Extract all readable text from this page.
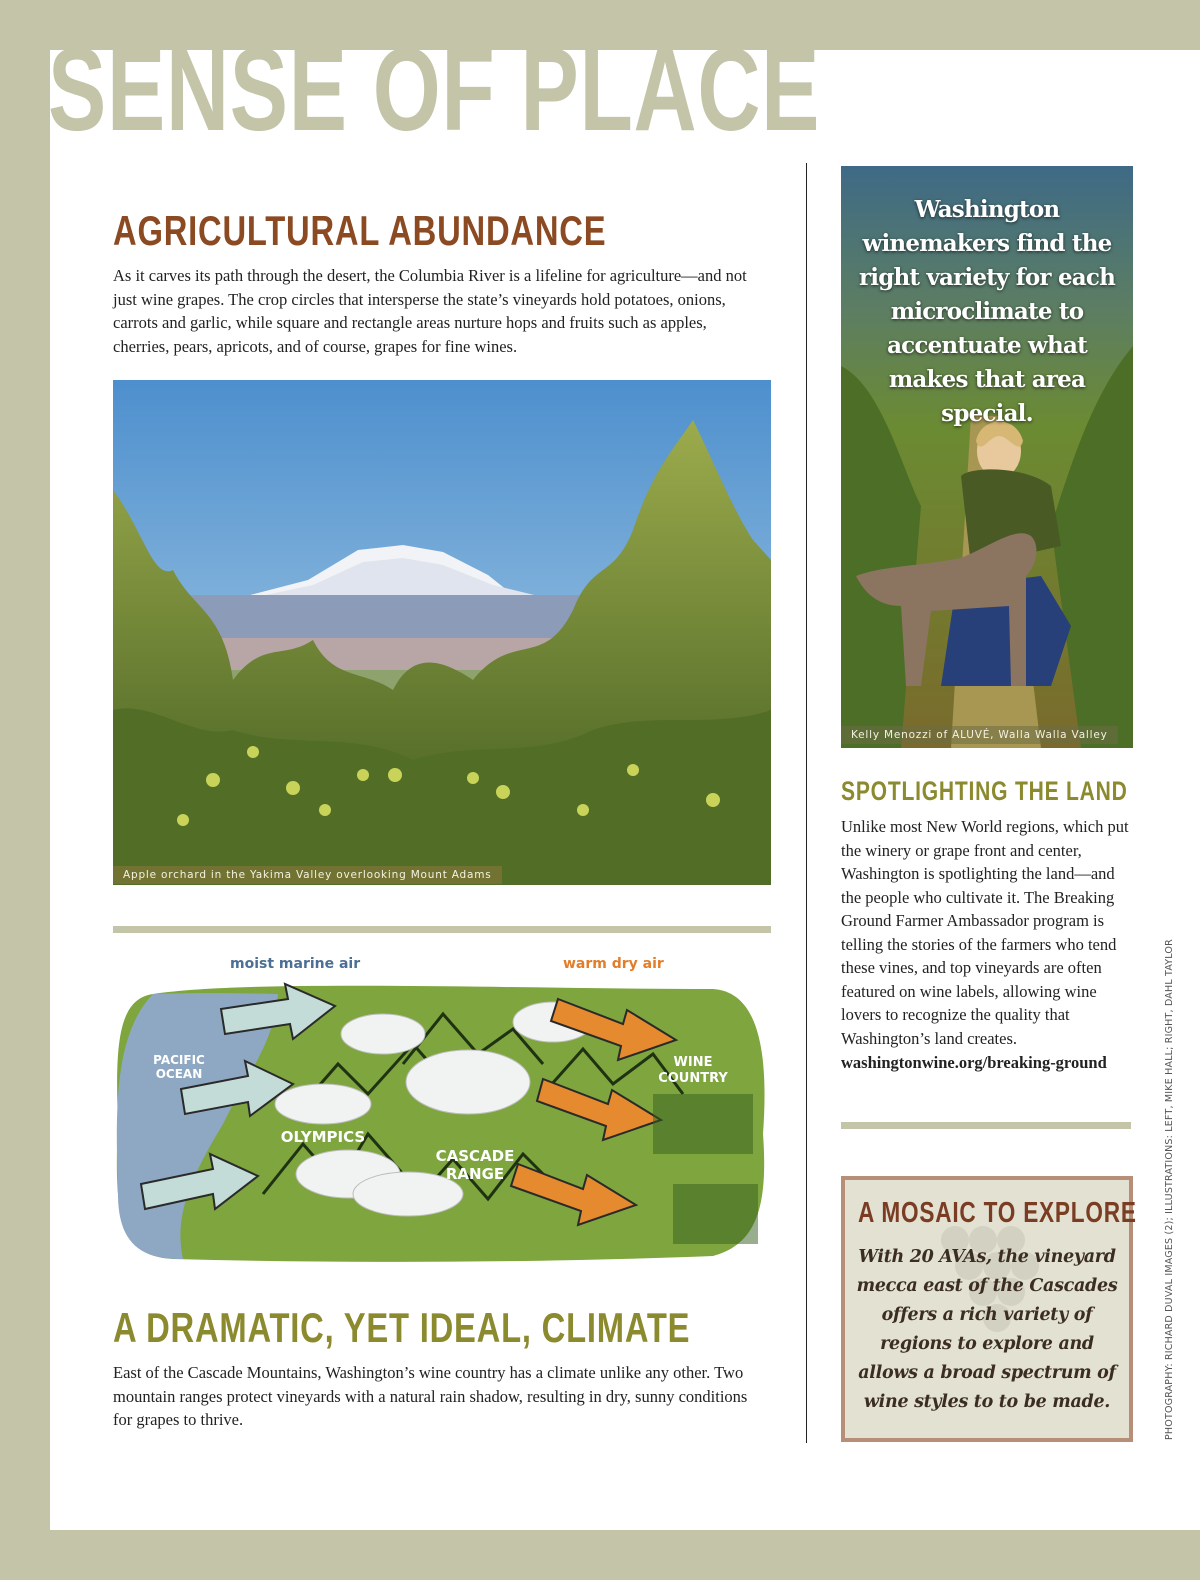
SENSE OF PLACE
AGRICULTURAL ABUNDANCE

As it carves its path through the desert, the Columbia River is a lifeline for agriculture—and not just wine grapes. The crop circles that intersperse the state’s vineyards hold potatoes, onions, carrots and garlic, while square and rectangle areas nurture hops and fruits such as apples, cherries, pears, apricots, and of course, grapes for fine wines.

Apple orchard in the Yakima Valley overlooking Mount Adams
moist marine air	warm dry air
PACIFIC
OCEAN
OLYMPICS
CASCADE
RANGE
WINE
COUNTRY
A DRAMATIC, YET IDEAL, CLIMATE

East of the Cascade Mountains, Washington’s wine country has a climate unlike any other. Two mountain ranges protect vineyards with a natural rain shadow, resulting in dry, sunny conditions for grapes to thrive.

Washington winemakers find the right variety for each microclimate to accentuate what makes that area special.
Kelly Menozzi of ALUVÉ, Walla Walla Valley
SPOTLIGHTING THE LAND

Unlike most New World regions, which put the winery or grape front and center, Washington is spotlighting the land—and the people who cultivate it. The Breaking Ground Farmer Ambassador program is telling the stories of the farmers who tend these vines, and top vineyards are often featured on wine labels, allowing wine lovers to recognize the quality that Washington’s land creates.

washingtonwine.org/breaking-ground
A MOSAIC TO EXPLORE
With 20 AVAs, the vineyard mecca east of the Cascades offers a rich variety of regions to explore and allows a broad spectrum of wine styles to to be made.	PHOTOGRAPHY: RICHARD DUVAL IMAGES (2); ILLUSTRATIONS: LEFT, MIKE HALL; RIGHT, DAHL TAYLOR
